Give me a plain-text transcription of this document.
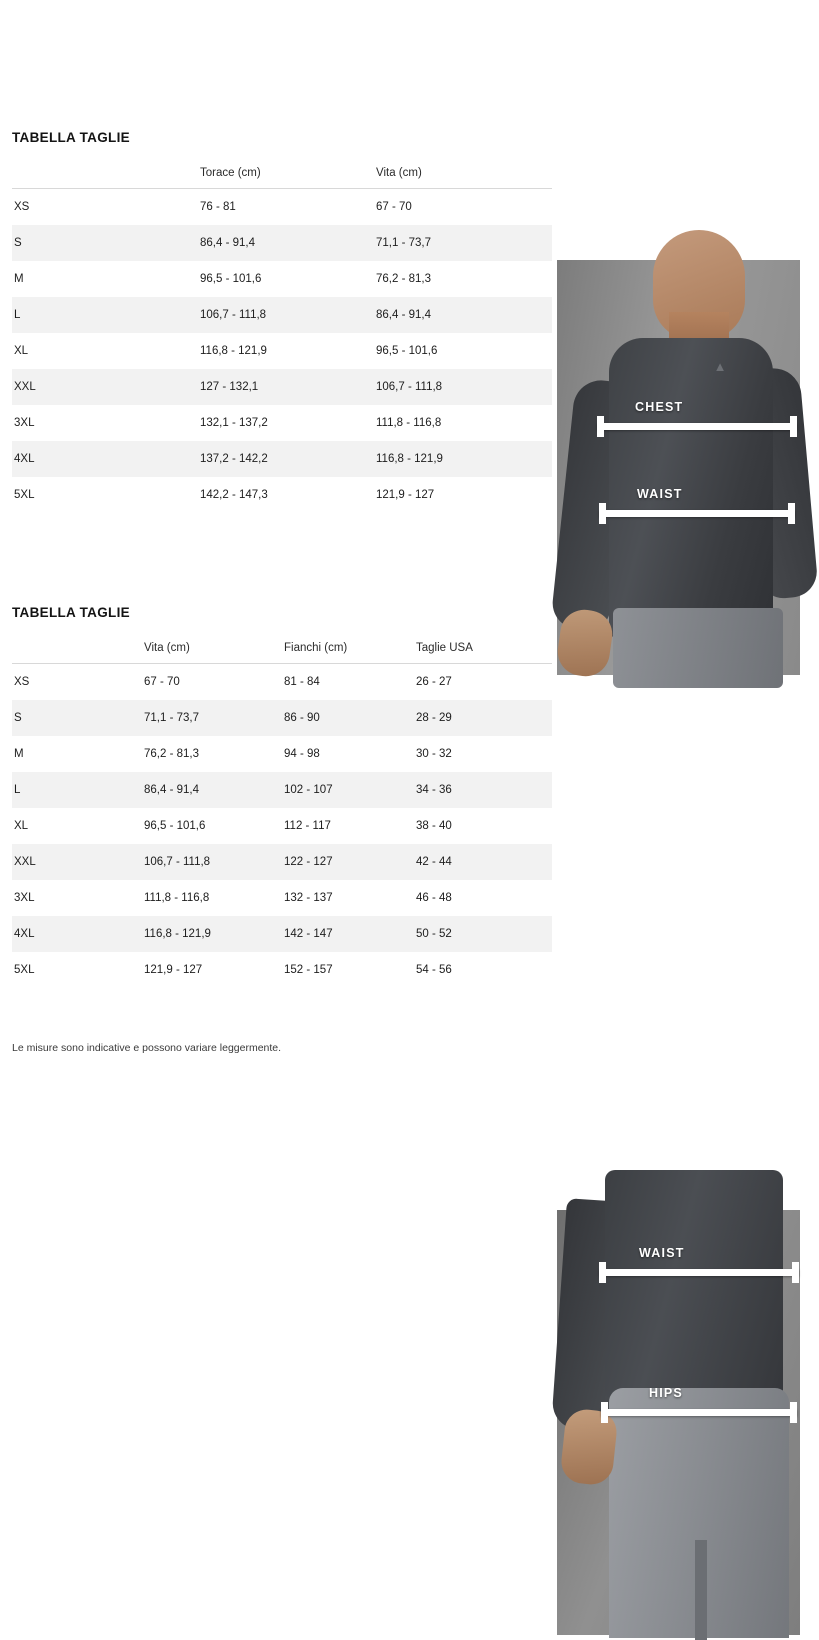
TABELLA TAGLIE
	Torace (cm)	Vita (cm)
XS	76 - 81	67 - 70
S	86,4 - 91,4	71,1 - 73,7
M	96,5 - 101,6	76,2 - 81,3
L	106,7 - 111,8	86,4 - 91,4
XL	116,8 - 121,9	96,5 - 101,6
XXL	127 - 132,1	106,7 - 111,8
3XL	132,1 - 137,2	111,8 - 116,8
4XL	137,2 - 142,2	116,8 - 121,9
5XL	142,2 - 147,3	121,9 - 127
▲
CHEST
WAIST
TABELLA TAGLIE
	Vita (cm)	Fianchi (cm)	Taglie USA
XS	67 - 70	81 - 84	26 - 27
S	71,1 - 73,7	86 - 90	28 - 29
M	76,2 - 81,3	94 - 98	30 - 32
L	86,4 - 91,4	102 - 107	34 - 36
XL	96,5 - 101,6	112 - 117	38 - 40
XXL	106,7 - 111,8	122 - 127	42 - 44
3XL	111,8 - 116,8	132 - 137	46 - 48
4XL	116,8 - 121,9	142 - 147	50 - 52
5XL	121,9 - 127	152 - 157	54 - 56
WAIST
HIPS
Le misure sono indicative e possono variare leggermente.
